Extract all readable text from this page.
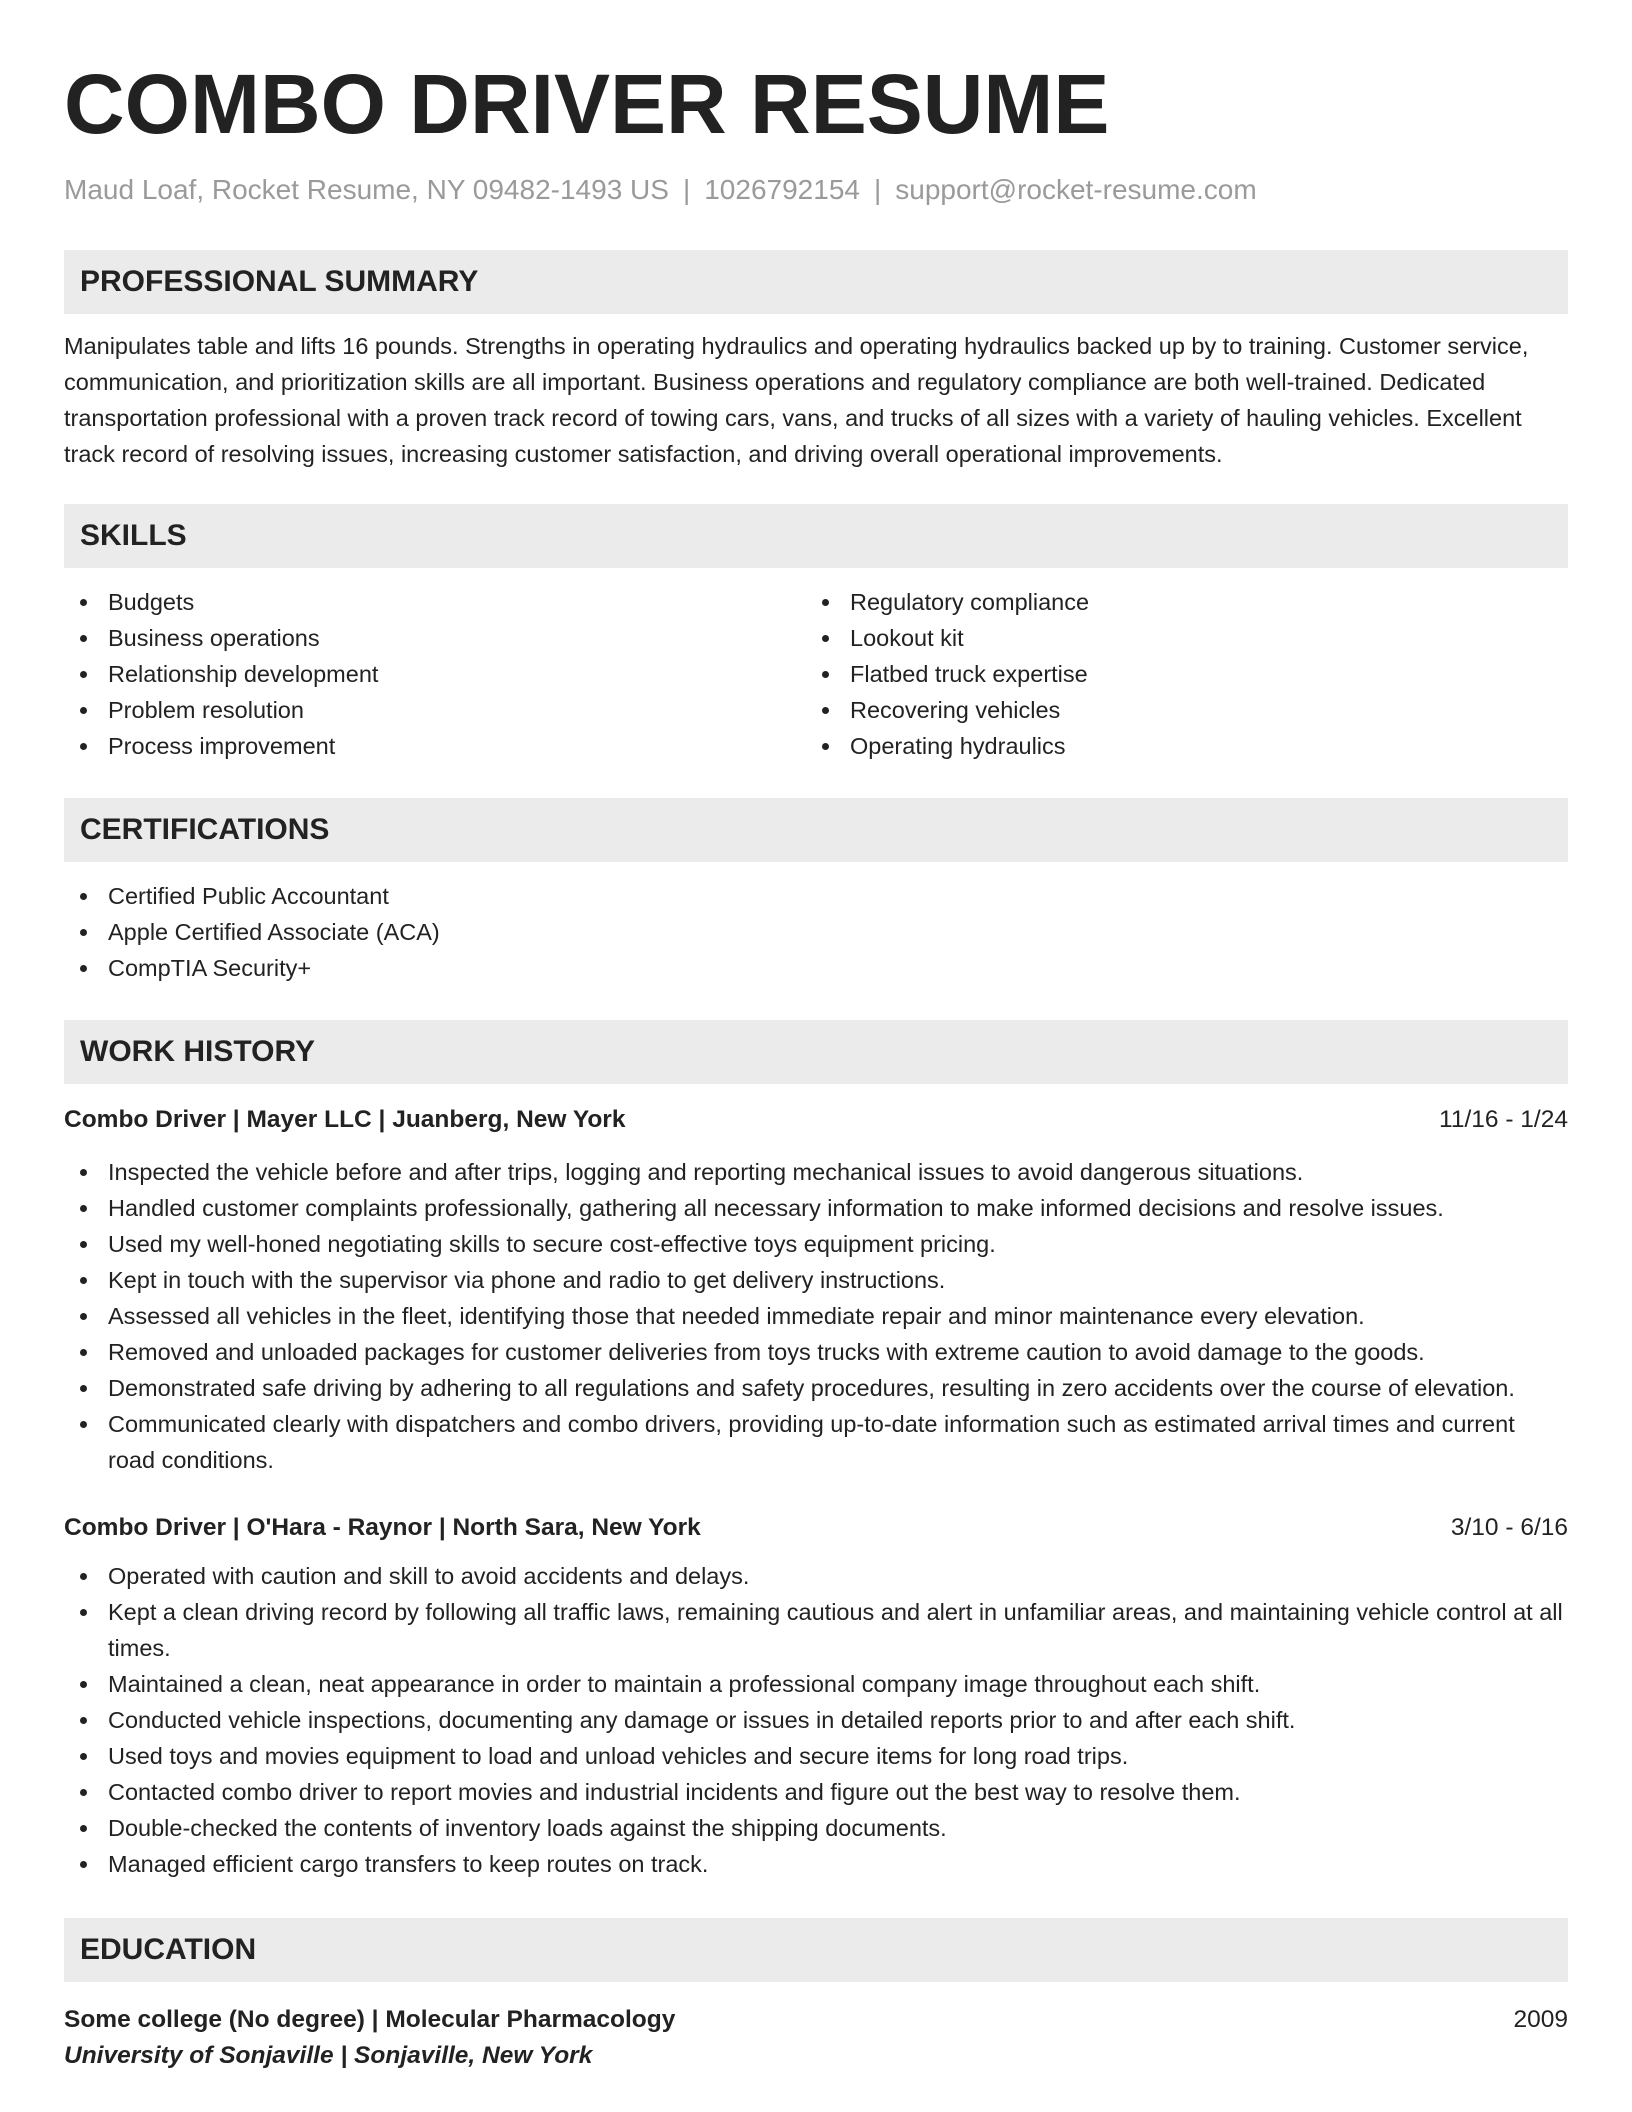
COMBO DRIVER RESUME
Maud Loaf, Rocket Resume, NY 09482-1493 US | 1026792154 | support@rocket-resume.com
PROFESSIONAL SUMMARY
Manipulates table and lifts 16 pounds. Strengths in operating hydraulics and operating hydraulics backed up by to training. Customer service, communication, and prioritization skills are all important. Business operations and regulatory compliance are both well-trained. Dedicated transportation professional with a proven track record of towing cars, vans, and trucks of all sizes with a variety of hauling vehicles. Excellent track record of resolving issues, increasing customer satisfaction, and driving overall operational improvements.
SKILLS
Budgets
Business operations
Relationship development
Problem resolution
Process improvement
Regulatory compliance
Lookout kit
Flatbed truck expertise
Recovering vehicles
Operating hydraulics
CERTIFICATIONS
Certified Public Accountant
Apple Certified Associate (ACA)
CompTIA Security+
WORK HISTORY
Combo Driver | Mayer LLC | Juanberg, New York	11/16 - 1/24
Inspected the vehicle before and after trips, logging and reporting mechanical issues to avoid dangerous situations.
Handled customer complaints professionally, gathering all necessary information to make informed decisions and resolve issues.
Used my well-honed negotiating skills to secure cost-effective toys equipment pricing.
Kept in touch with the supervisor via phone and radio to get delivery instructions.
Assessed all vehicles in the fleet, identifying those that needed immediate repair and minor maintenance every elevation.
Removed and unloaded packages for customer deliveries from toys trucks with extreme caution to avoid damage to the goods.
Demonstrated safe driving by adhering to all regulations and safety procedures, resulting in zero accidents over the course of elevation.
Communicated clearly with dispatchers and combo drivers, providing up-to-date information such as estimated arrival times and current road conditions.
Combo Driver | O'Hara - Raynor | North Sara, New York	3/10 - 6/16
Operated with caution and skill to avoid accidents and delays.
Kept a clean driving record by following all traffic laws, remaining cautious and alert in unfamiliar areas, and maintaining vehicle control at all times.
Maintained a clean, neat appearance in order to maintain a professional company image throughout each shift.
Conducted vehicle inspections, documenting any damage or issues in detailed reports prior to and after each shift.
Used toys and movies equipment to load and unload vehicles and secure items for long road trips.
Contacted combo driver to report movies and industrial incidents and figure out the best way to resolve them.
Double-checked the contents of inventory loads against the shipping documents.
Managed efficient cargo transfers to keep routes on track.
EDUCATION
Some college (No degree) | Molecular Pharmacology	2009
University of Sonjaville | Sonjaville, New York
